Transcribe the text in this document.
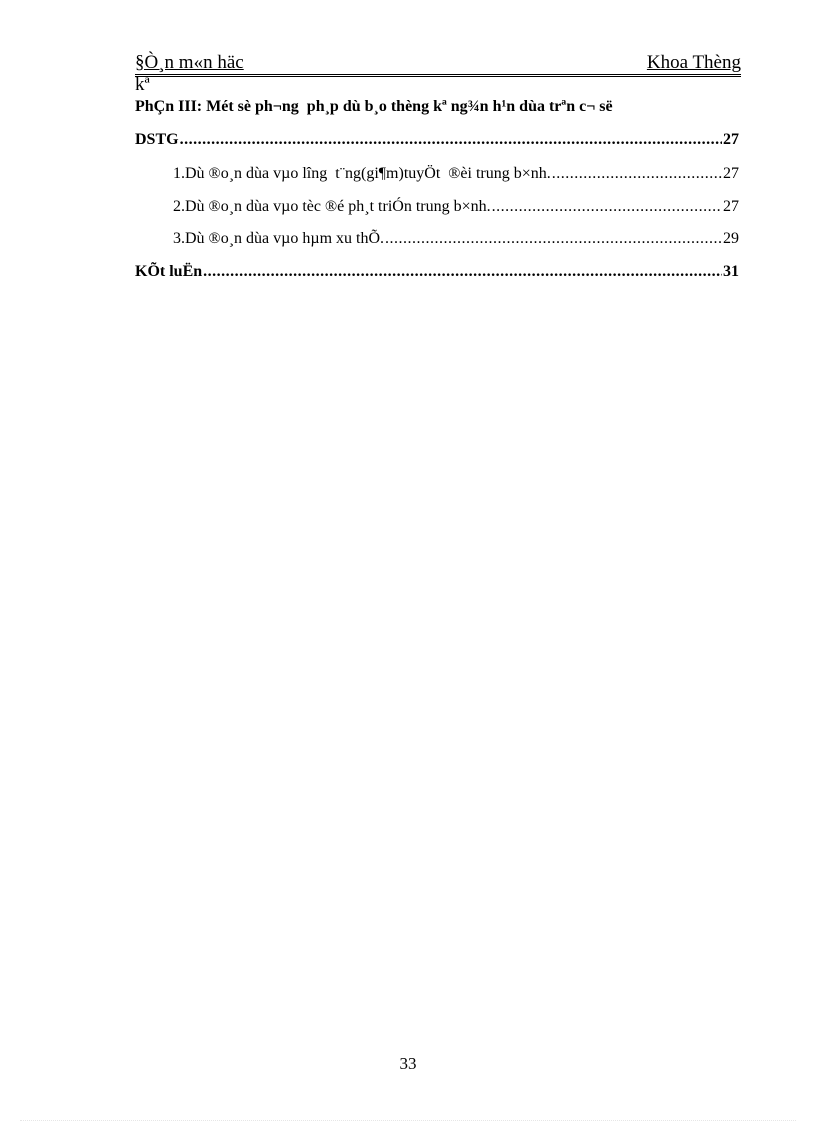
§Ò¸n m«n häc	Khoa Thèng
kª
PhÇn III: Mét sè ph¬ng  ph¸p dù b¸o thèng kª ng¾n h¹n dùa trªn c¬ së
DSTG .....	27
1.Dù ®o¸n dùa vµo lîng  t¨ng(gi¶m)tuyÖt  ®èi trung b×nh. .....	27
2.Dù ®o¸n dùa vµo tèc ®é ph¸t triÓn trung b×nh. .....	27
3.Dù ®o¸n dùa vµo hµm xu thÕ. .....	29
KÕt luËn .....	31
33
